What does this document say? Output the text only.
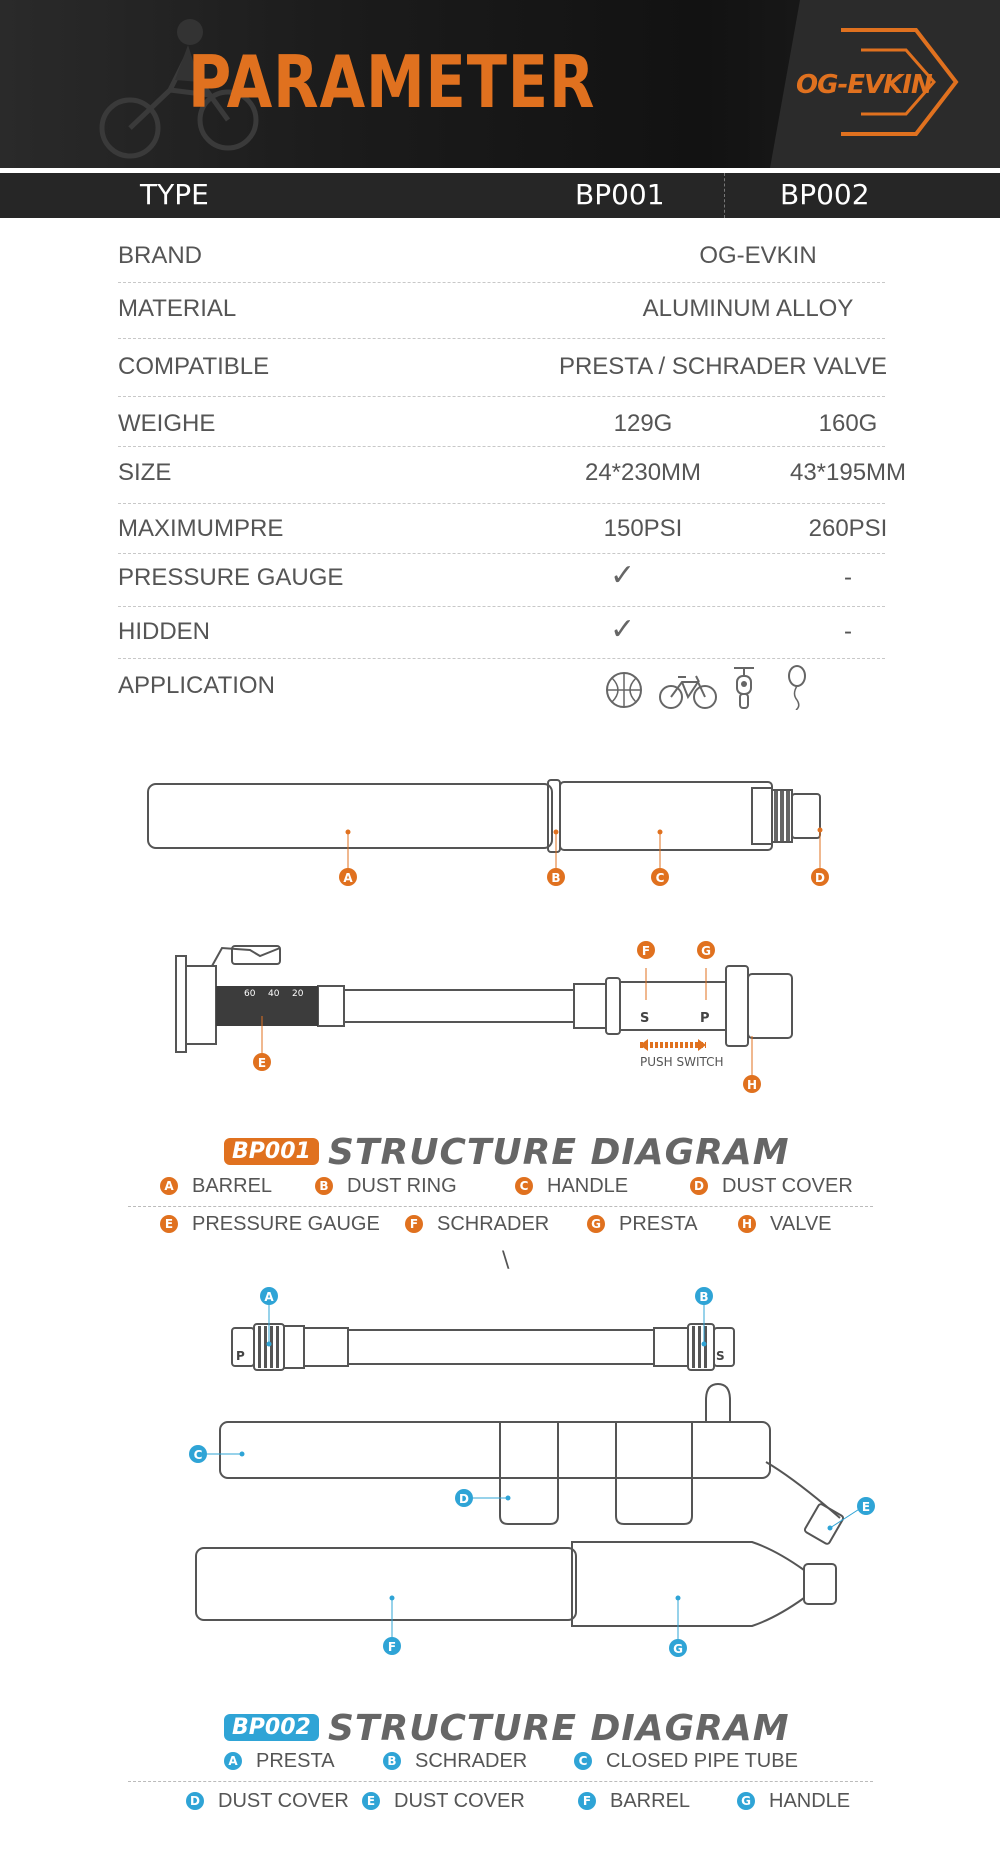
PARAMETER	OG-EVKIN
TYPE	BP001	BP002
BRAND	OG-EVKIN
MATERIAL	ALUMINUM ALLOY
COMPATIBLE	PRESTA / SCHRADER VALVE
WEIGHE	129G	160G
SIZE	24*230MM	43*195MM
MAXIMUMPRE	150PSI	260PSI
PRESSURE GAUGE	✓	-
HIDDEN	✓	-
APPLICATION
60 40 20
S	P
PUSH SWITCH
A	B	C	D
E
F	G
H
BP001 STRUCTURE DIAGRAM
A BARREL	B DUST RING	C HANDLE	D DUST COVER
E PRESSURE GAUGE	F SCHRADER	G PRESTA	H VALVE
\
P	S
A	B
C
D
E
F	G
BP002 STRUCTURE DIAGRAM
A PRESTA	B SCHRADER	C CLOSED PIPE TUBE
D DUST COVER	E DUST COVER	F BARREL	G HANDLE
